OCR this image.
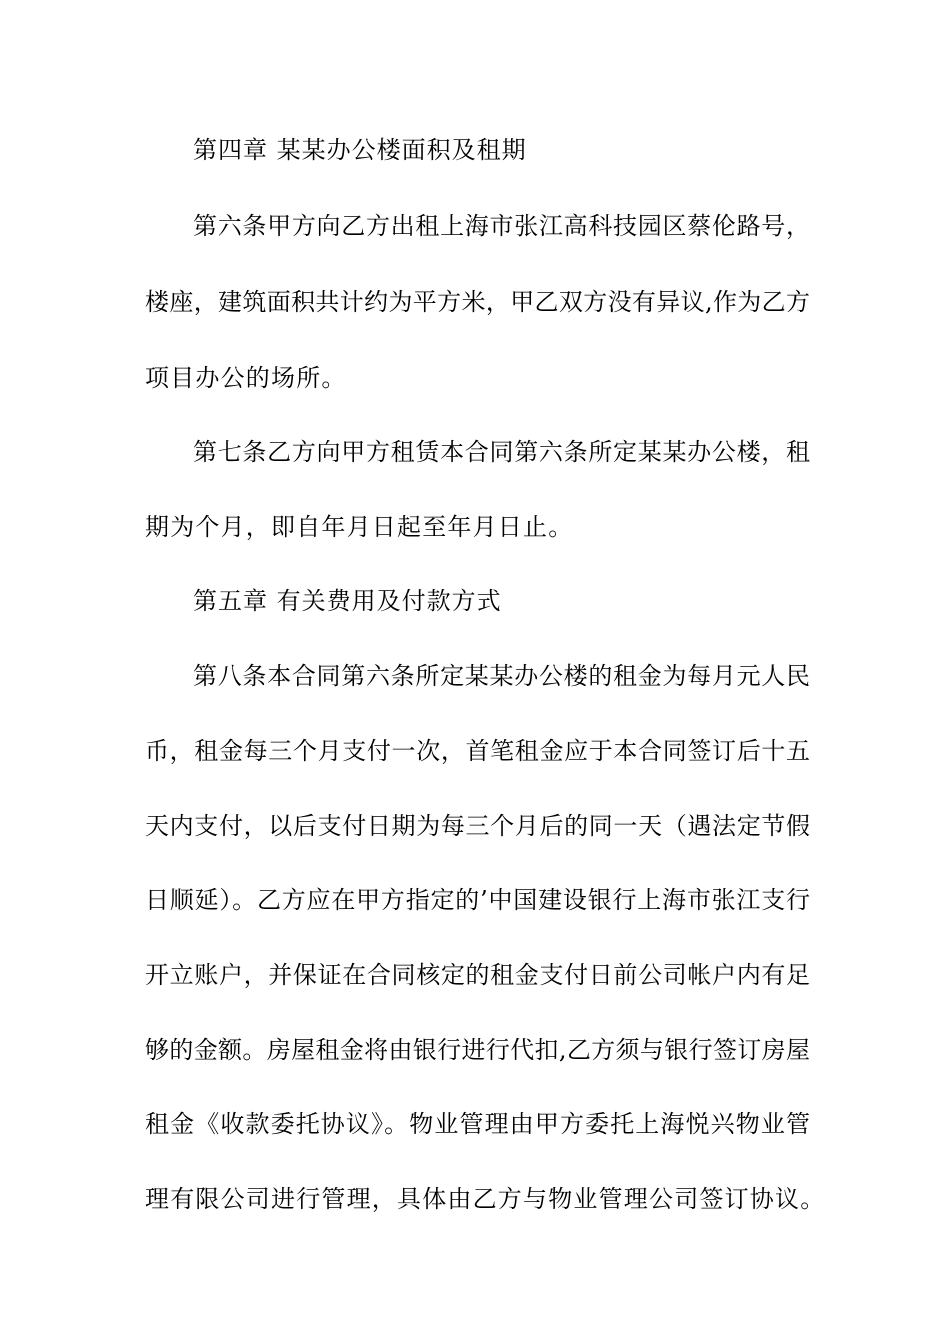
第四章 某某办公楼面积及租期

第六条甲方向乙方出租上海市张江高科技园区蔡伦路号，

楼座，建筑面积共计约为平方米，甲乙双方没有异议,作为乙方

项目办公的场所。

第七条乙方向甲方租赁本合同第六条所定某某办公楼，租

期为个月，即自年月日起至年月日止。

第五章 有关费用及付款方式

第八条本合同第六条所定某某办公楼的租金为每月元人民

币，租金每三个月支付一次，首笔租金应于本合同签订后十五

天内支付，以后支付日期为每三个月后的同一天（遇法定节假

日顺延）。乙方应在甲方指定的’中国建设银行上海市张江支行

开立账户，并保证在合同核定的租金支付日前公司帐户内有足

够的金额。房屋租金将由银行进行代扣,乙方须与银行签订房屋

租金《收款委托协议》。物业管理由甲方委托上海悦兴物业管

理有限公司进行管理，具体由乙方与物业管理公司签订协议。
